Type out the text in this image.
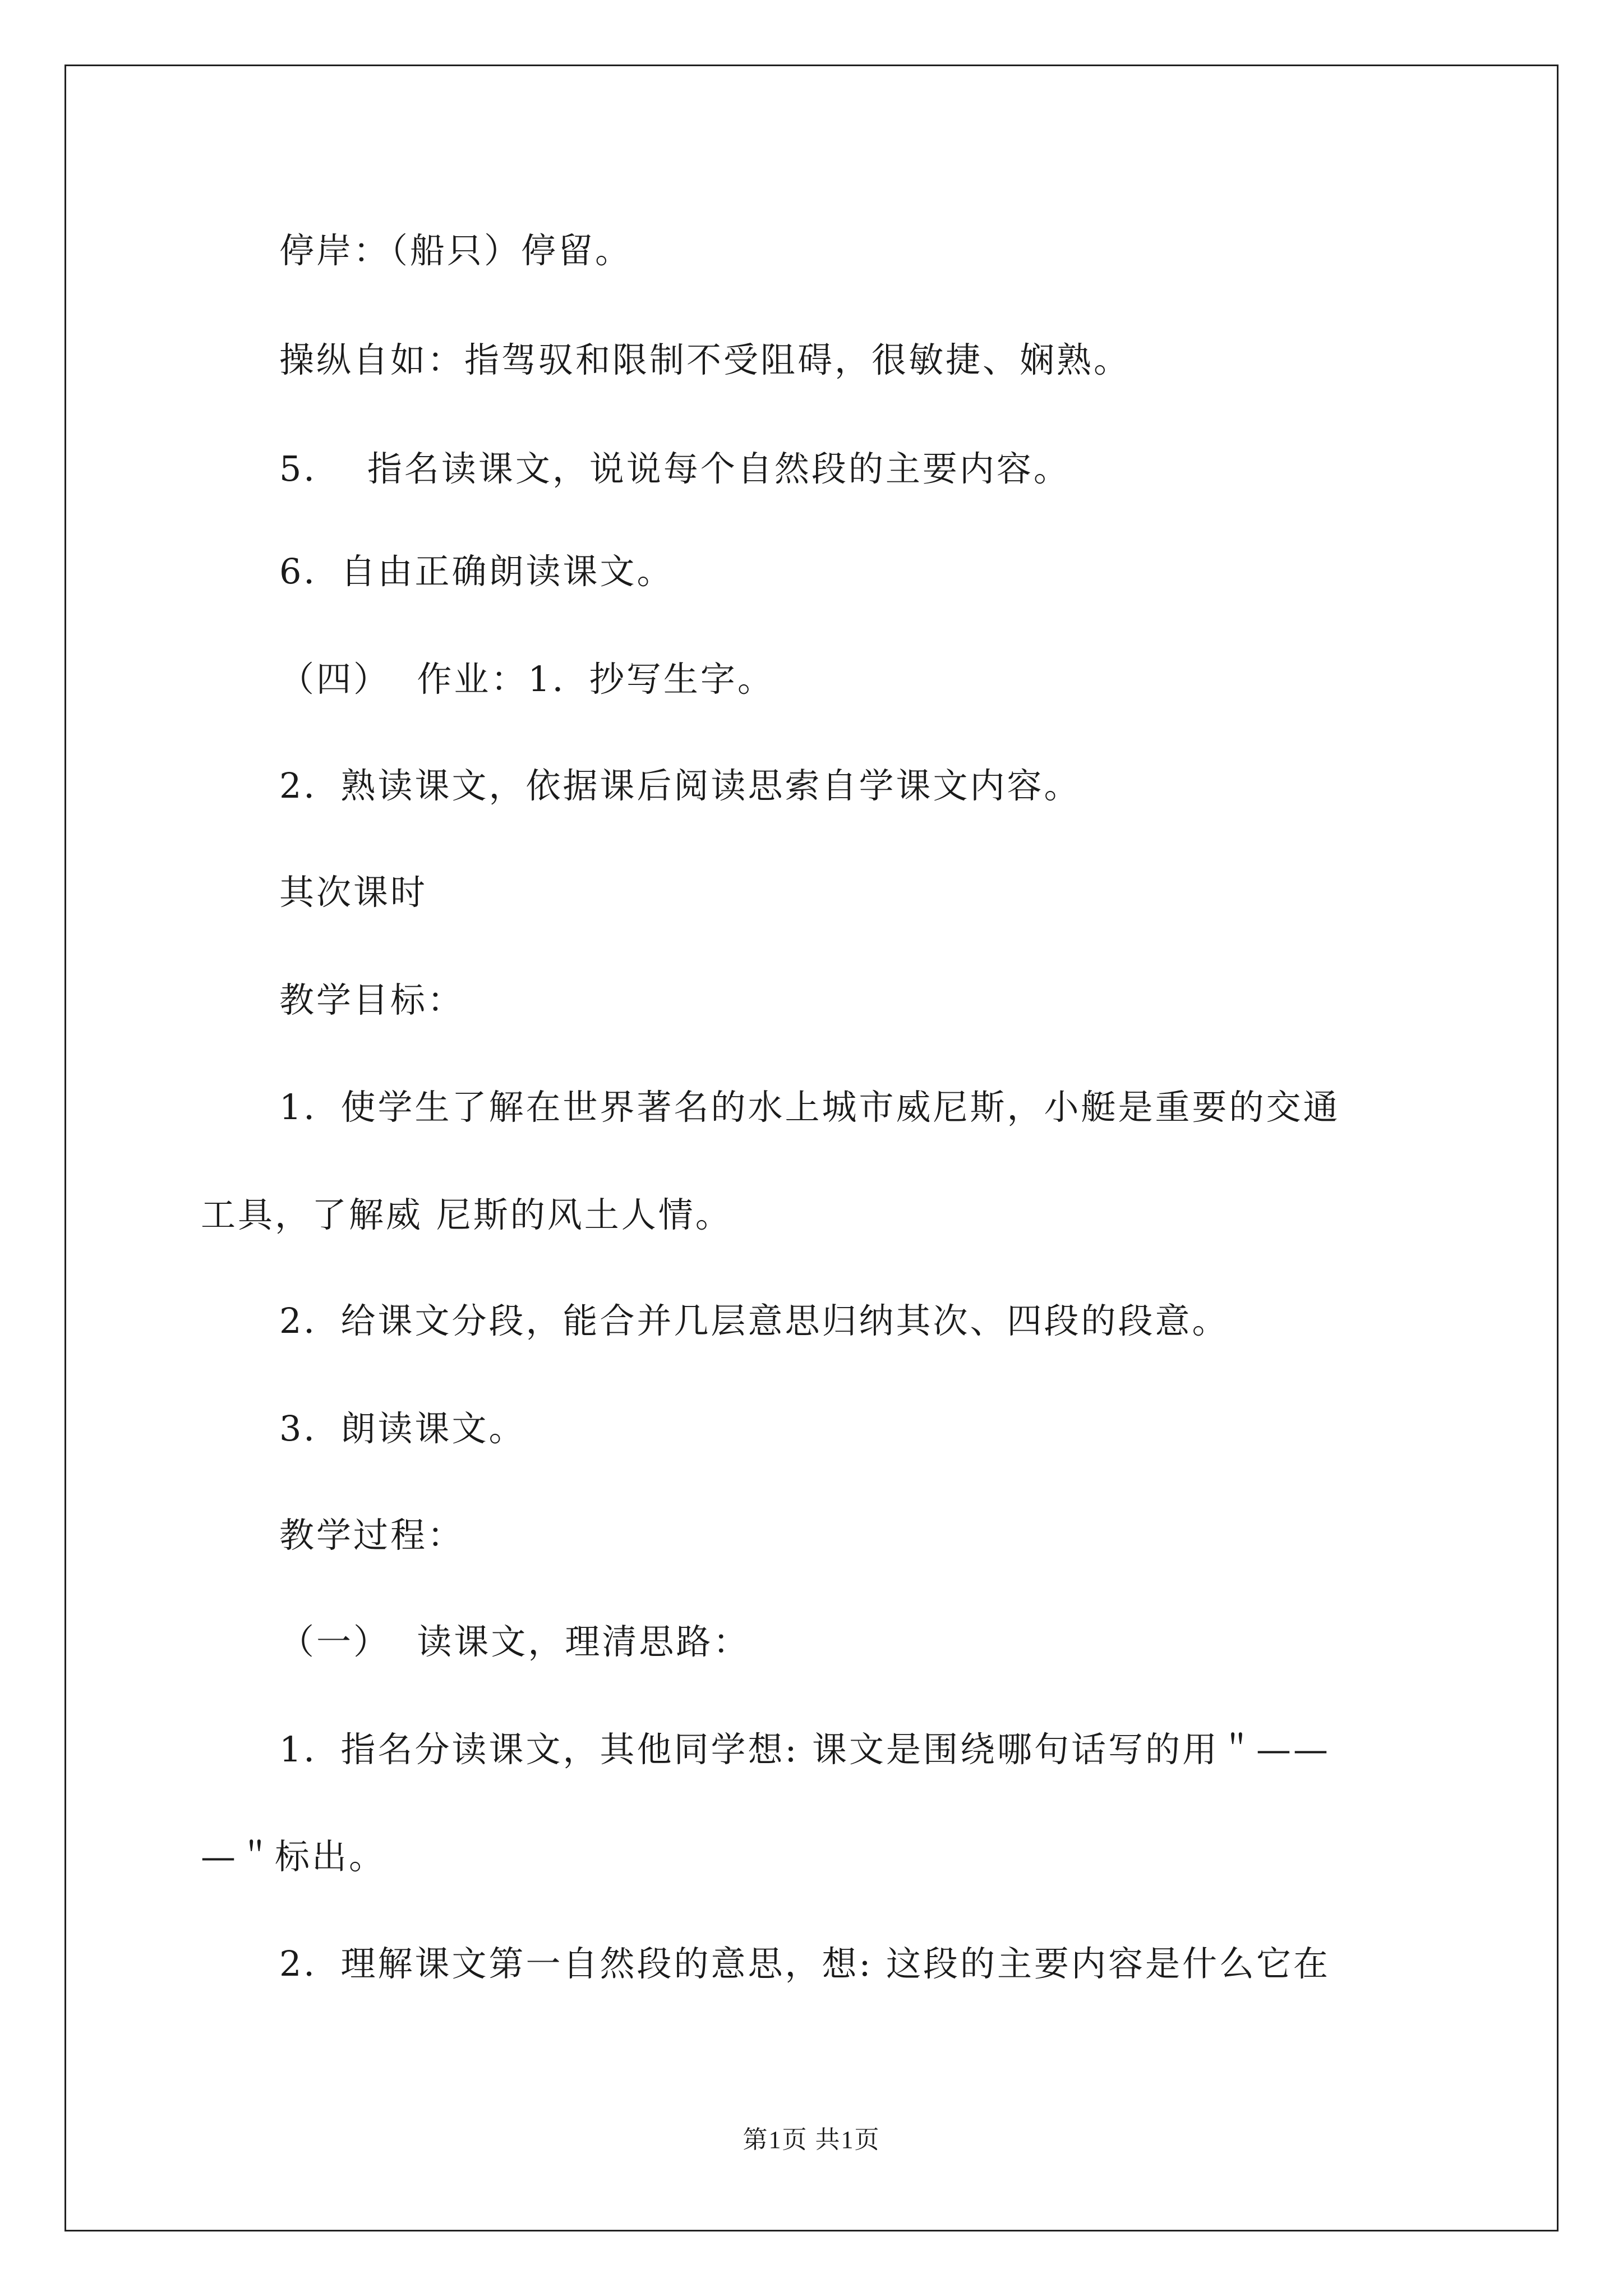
停岸：（船只）停留。
操纵自如：指驾驭和限制不受阻碍，很敏捷、娴熟。
5．  指名读课文，说说每个自然段的主要内容。
6．自由正确朗读课文。
（四）  作业：1．抄写生字。
2．熟读课文，依据课后阅读思索自学课文内容。
其次课时
教学目标：
1．使学生了解在世界著名的水上城市威尼斯，小艇是重要的交通
工具，了解威 尼斯的风土人情。
2．给课文分段，能合并几层意思归纳其次、四段的段意。
3．朗读课文。
教学过程：
（一）  读课文，理清思路：
1．指名分读课文，其他同学想: 课文是围绕哪句话写的用＂——
—＂标出。
2．理解课文第一自然段的意思，想: 这段的主要内容是什么它在
第1页 共1页
